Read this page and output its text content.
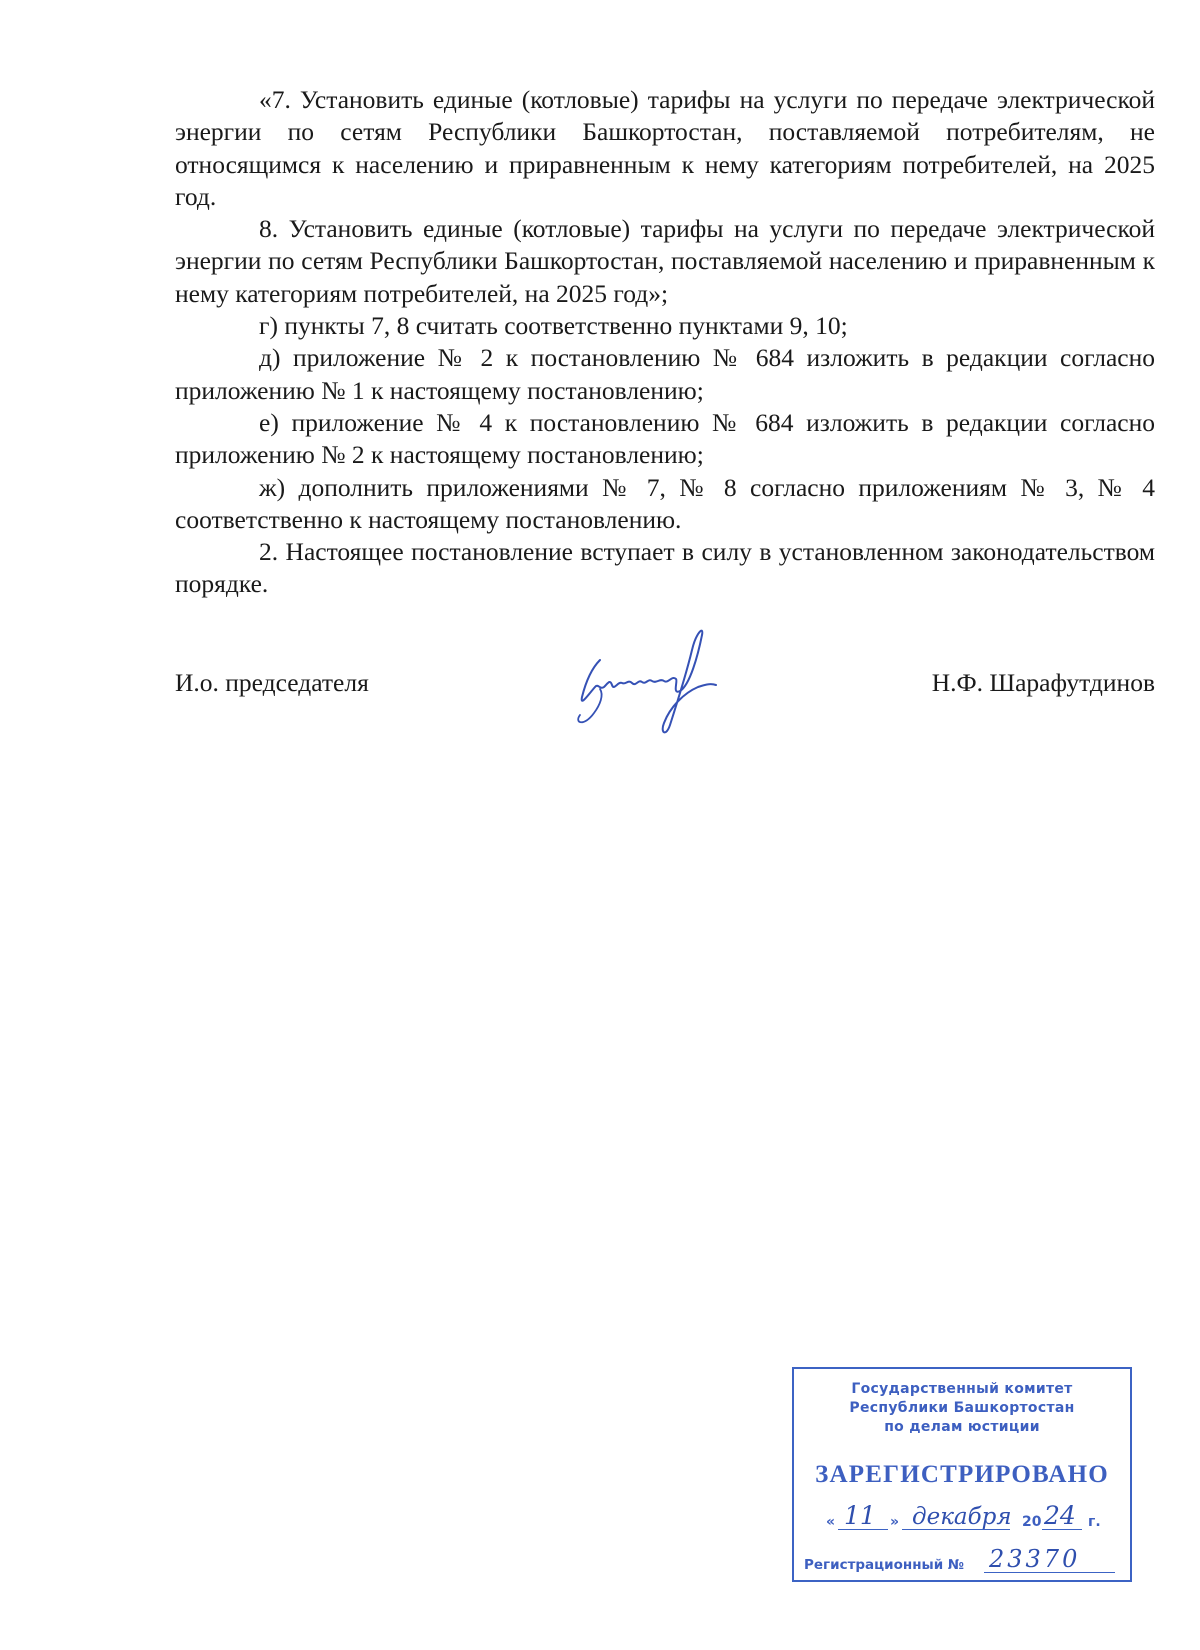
«7. Установить единые (котловые) тарифы на услуги по передаче электрической энергии по сетям Республики Башкортостан, поставляемой потребителям, не относящимся к населению и приравненным к нему категориям потребителей, на 2025 год.

8. Установить единые (котловые) тарифы на услуги по передаче электрической энергии по сетям Республики Башкортостан, поставляемой населению и приравненным к нему категориям потребителей, на 2025 год»;

г) пункты 7, 8 считать соответственно пунктами 9, 10;

д) приложение № 2 к постановлению № 684 изложить в редакции согласно приложению № 1 к настоящему постановлению;

е) приложение № 4 к постановлению № 684 изложить в редакции согласно приложению № 2 к настоящему постановлению;

ж) дополнить приложениями № 7, № 8 согласно приложениям № 3, № 4 соответственно к настоящему постановлению.

2. Настоящее постановление вступает в силу в установленном законодательством порядке.

И.о. председателя	Н.Ф. Шарафутдинов
Государственный комитет
Республики Башкортостан
по делам юстиции
ЗАРЕГИСТРИРОВАНО
« 11 » декабря 20 24 г.
Регистрационный № 23370
